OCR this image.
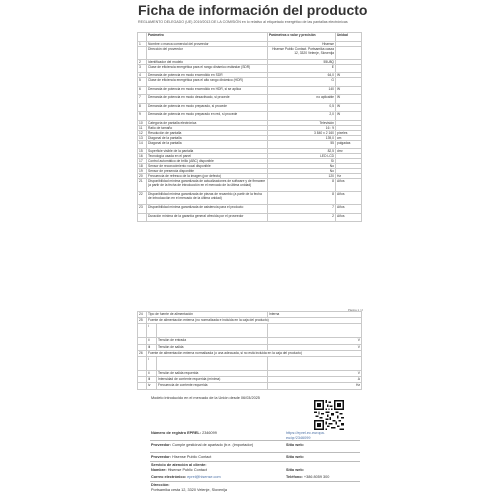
Ficha de información del producto
REGLAMENTO DELEGADO (UE) 2019/2013 DE LA COMISIÓN en lo relativo al etiquetado energético de las pantallas electrónicas
	Parámetro	Parámetros o valor y precisión	Unidad
1	Nombre o marca comercial del proveedor	Hisense	
	Dirección del proveedor	Hisense Public Contact. Portsamika casza 12, 3320 Velenje, Slovenija	
2	Identificador del modelo	55U8Q	
3	Clase de eficiencia energética para el rango dinámico estándar (SDR)	E	
4	Demanda de potencia en modo encendido en SDR	64,0	W
5	Clase de eficiencia energética para el alto rango dinámico (HDR)	G	
6	Demanda de potencia en modo encendido en HDR, si se aplica	140	W
7	Demanda de potencia en modo desactivado, si procede	no aplicable	W
8	Demanda de potencia en modo preparado, si procede	0,5	W
9	Demanda de potencia en modo preparado en red, si procede	2,0	W
10	Categoría de pantalla electrónica	Televisión	
11	Ratio de tamaño	16 : 9	
12	Resolución de pantalla	3 840 x 2 160	píxeles
13	Diagonal de la pantalla	139,0	cm
14	Diagonal de la pantalla	55	pulgadas
15	Superficie visible de la pantalla	82,5	dm²
16	Tecnología usada en el panel	LED LCD	
17	Control automático de brillo (ABC) disponible	Sí	
18	Sensor de reconocimiento vocal disponible	No	
19	Sensor de presencia disponible	No	
20	Frecuencia de refresco de la imagen (por defecto)	120	Hz
21	Disponibilidad mínima garantizada de actualizaciones de software y de firmware (a partir de la fecha de introducción en el mercado de la última unidad)	8	Años
22	Disponibilidad mínima garantizada de piezas de recambio (a partir de la fecha de introducción en el mercado de la última unidad)	8	Años
23	Disponibilidad mínima garantizada de asistencia para el producto	7	Años
	Duración mínima de la garantía general ofrecida por el proveedor	2	Años
Página 1 / 2
24	Tipo de fuente de alimentación		Interna
25	Fuente de alimentación externa (no normalizada e incluida en la caja del producto)		
	i		
	ii	Tensión de entrada	V
	iii	Tensión de salida	V
26	Fuente de alimentación externa normalizada (o una adecuada, si no está incluida en la caja del producto)		
	i		
	ii	Tensión de salida requerida	V
	iii	Intensidad de corriente requerida (mínima)	A
	iv	Frecuencia de corriente requerida	Hz
Modelo introducido en el mercado de la Unión desde 06/03/2025
Número de registro EPREL: 2346099	https://eprel.ec.europa.eu/qr/2346099
Proveedor: Cumple gestiónal de apartado (tr.e. (importador)	Sitio web:
Proveedor: Hisense Public Contact	Sitio web:
Servicio de atención al cliente:
Nombre: Hisense Public Contact	Sitio web:
Correo electrónico: eprel@hisense.com	Teléfono: +386 8059 300
Dirección:
Portsamika cesta 12, 3320 Velenje, Slovenija
